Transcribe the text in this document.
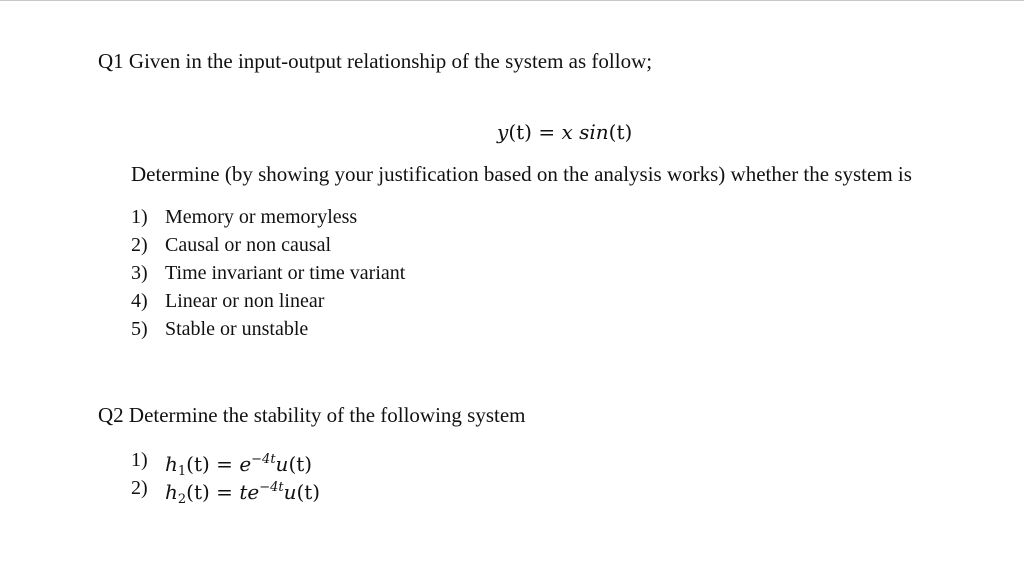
Q1 Given in the input-output relationship of the system as follow;
y(t) = x sin(t)
Determine (by showing your justification based on the analysis works) whether the system is
1) Memory or memoryless
2) Causal or non causal
3) Time invariant or time variant
4) Linear or non linear
5) Stable or unstable
Q2 Determine the stability of the following system
1) $h_1(t) = e^{-4t}u(t)$
2) $h_2(t) = te^{-4t}u(t)$
